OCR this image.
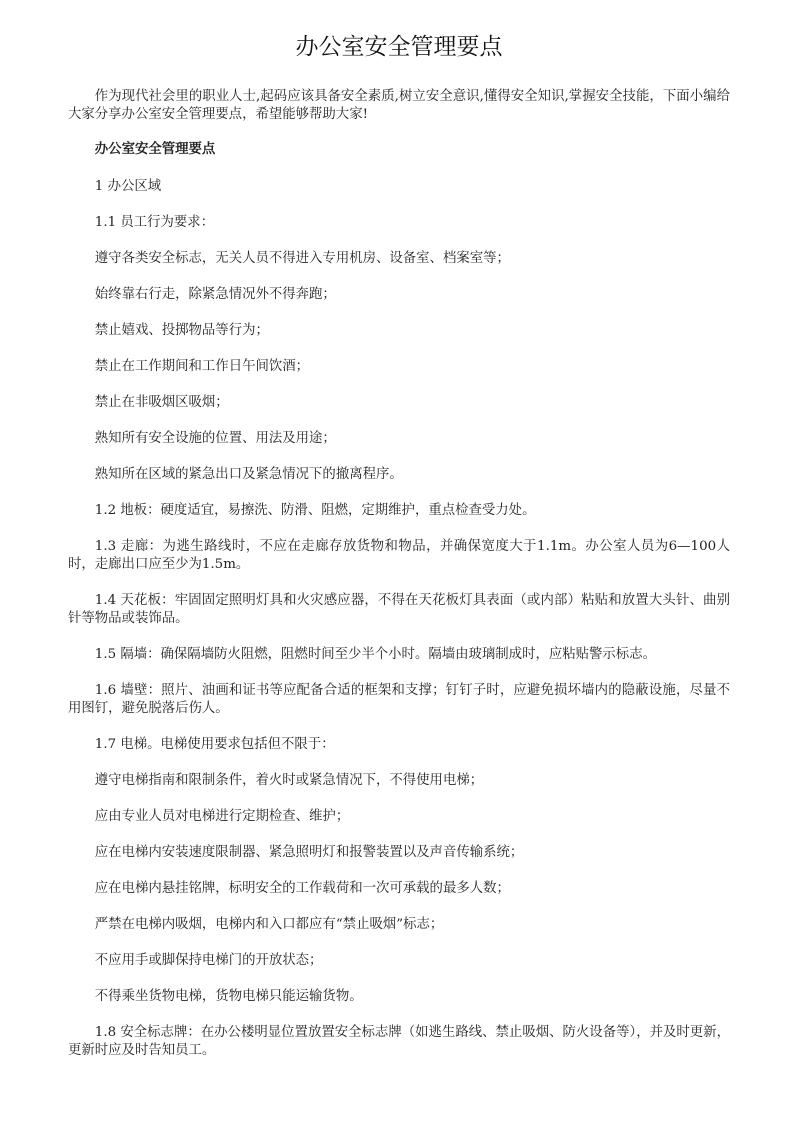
办公室安全管理要点

作为现代社会里的职业人士,起码应该具备安全素质,树立安全意识,懂得安全知识,掌握安全技能，下面小编给大家分享办公室安全管理要点，希望能够帮助大家!

办公室安全管理要点

1 办公区域

1.1 员工行为要求：

遵守各类安全标志，无关人员不得进入专用机房、设备室、档案室等；

始终靠右行走，除紧急情况外不得奔跑；

禁止嬉戏、投掷物品等行为；

禁止在工作期间和工作日午间饮酒；

禁止在非吸烟区吸烟；

熟知所有安全设施的位置、用法及用途；

熟知所在区域的紧急出口及紧急情况下的撤离程序。

1.2 地板：硬度适宜，易擦洗、防滑、阻燃，定期维护，重点检查受力处。

1.3 走廊：为逃生路线时，不应在走廊存放货物和物品，并确保宽度大于1.1m。办公室人员为6—100人时，走廊出口应至少为1.5m。

1.4 天花板：牢固固定照明灯具和火灾感应器，不得在天花板灯具表面（或内部）粘贴和放置大头针、曲别针等物品或装饰品。

1.5 隔墙：确保隔墙防火阻燃，阻燃时间至少半个小时。隔墙由玻璃制成时，应粘贴警示标志。

1.6 墙壁：照片、油画和证书等应配备合适的框架和支撑；钉钉子时，应避免损坏墙内的隐蔽设施，尽量不用图钉，避免脱落后伤人。

1.7 电梯。电梯使用要求包括但不限于：

遵守电梯指南和限制条件，着火时或紧急情况下，不得使用电梯；

应由专业人员对电梯进行定期检查、维护；

应在电梯内安装速度限制器、紧急照明灯和报警装置以及声音传输系统；

应在电梯内悬挂铭牌，标明安全的工作载荷和一次可承载的最多人数；

严禁在电梯内吸烟，电梯内和入口都应有“禁止吸烟”标志；

不应用手或脚保持电梯门的开放状态；

不得乘坐货物电梯，货物电梯只能运输货物。

1.8 安全标志牌：在办公楼明显位置放置安全标志牌（如逃生路线、禁止吸烟、防火设备等），并及时更新，更新时应及时告知员工。
